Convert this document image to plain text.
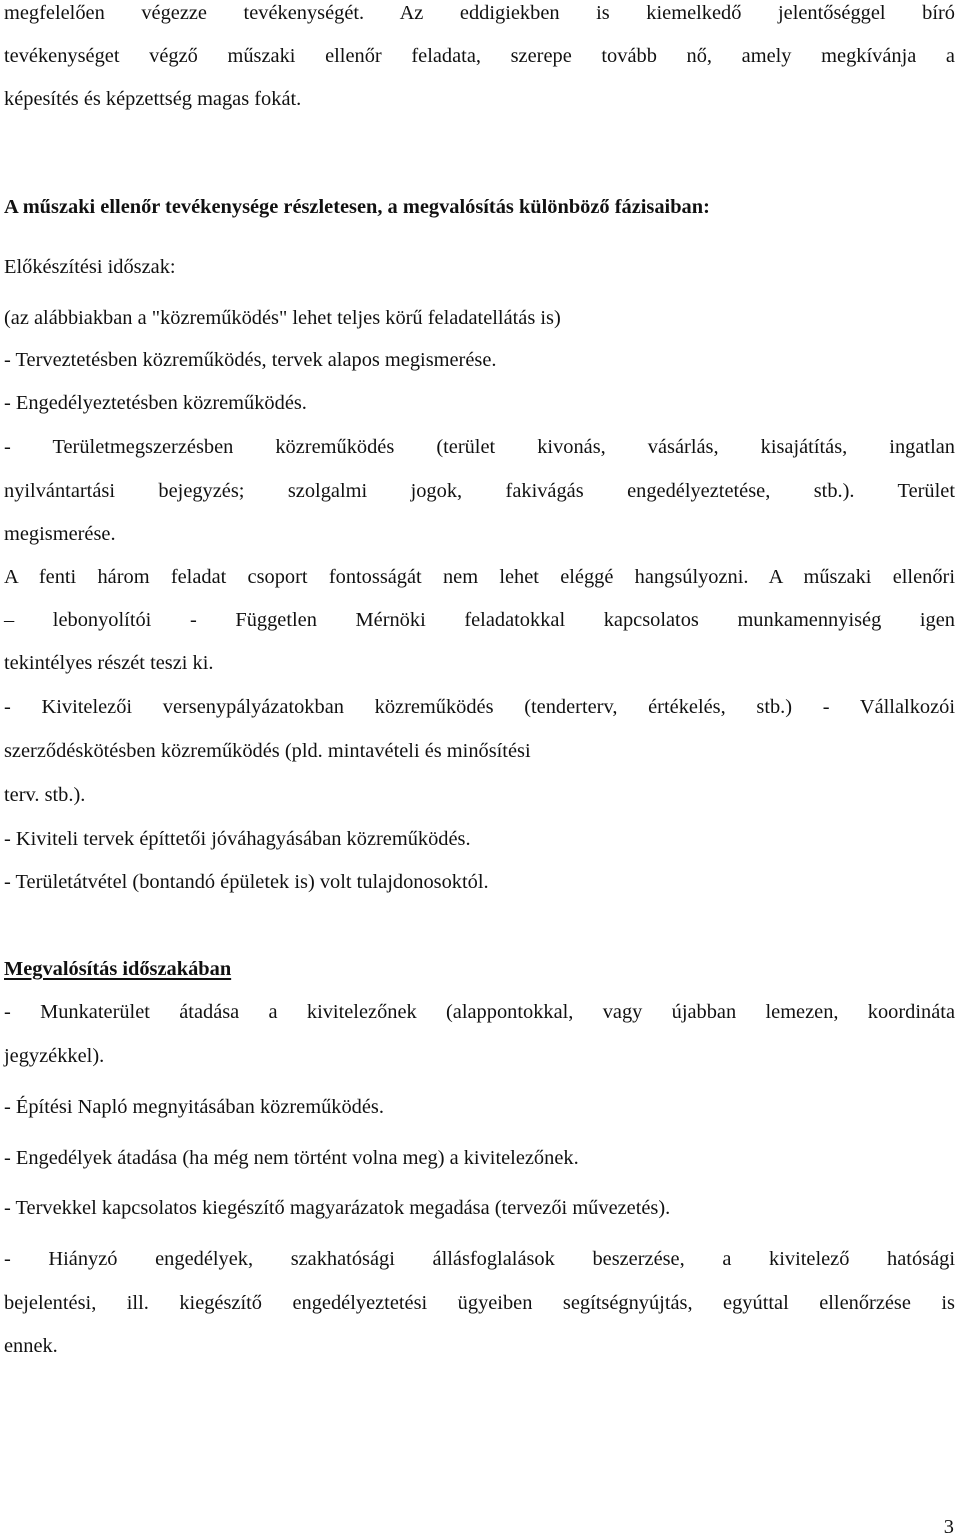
megfelelően végezze tevékenységét. Az eddigiekben is kiemelkedő jelentőséggel bíró

tevékenységet végző műszaki ellenőr feladata, szerepe tovább nő, amely megkívánja a

képesítés és képzettség magas fokát.

A műszaki ellenőr tevékenysége részletesen, a megvalósítás különböző fázisaiban:

Előkészítési időszak:

(az alábbiakban a "közreműködés" lehet teljes körű feladatellátás is)

- Terveztetésben közreműködés, tervek alapos megismerése.

- Engedélyeztetésben közreműködés.

- Területmegszerzésben közreműködés (terület kivonás, vásárlás, kisajátítás, ingatlan

nyilvántartási bejegyzés; szolgalmi jogok, fakivágás engedélyeztetése, stb.). Terület

megismerése.

A fenti három feladat csoport fontosságát nem lehet eléggé hangsúlyozni. A műszaki ellenőri

– lebonyolítói - Független Mérnöki feladatokkal kapcsolatos munkamennyiség igen

tekintélyes részét teszi ki.

- Kivitelezői versenypályázatokban közreműködés (tenderterv, értékelés, stb.) - Vállalkozói

szerződéskötésben közreműködés (pld. mintavételi és minősítési

terv. stb.).

- Kiviteli tervek építtetői jóváhagyásában közreműködés.

- Területátvétel (bontandó épületek is) volt tulajdonosoktól.

Megvalósítás időszakában

- Munkaterület átadása a kivitelezőnek (alappontokkal, vagy újabban lemezen, koordináta

jegyzékkel).

- Építési Napló megnyitásában közreműködés.

- Engedélyek átadása (ha még nem történt volna meg) a kivitelezőnek.

- Tervekkel kapcsolatos kiegészítő magyarázatok megadása (tervezői művezetés).

- Hiányzó engedélyek, szakhatósági állásfoglalások beszerzése, a kivitelező hatósági

bejelentési, ill. kiegészítő engedélyeztetési ügyeiben segítségnyújtás, egyúttal ellenőrzése is

ennek.

3
